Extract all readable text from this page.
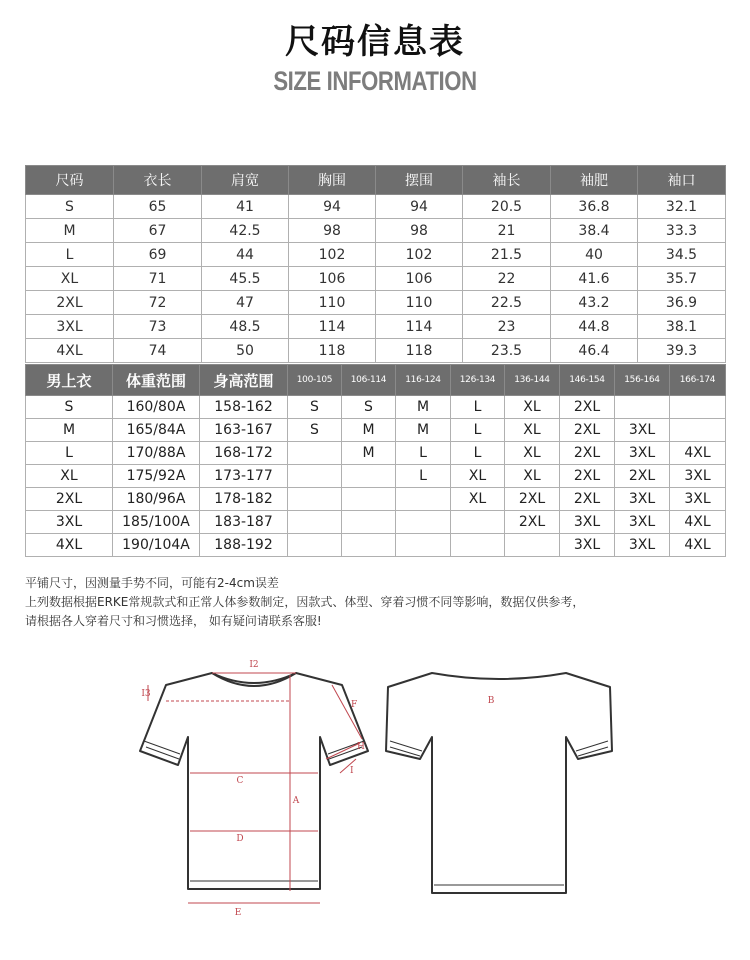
尺码信息表
SIZE INFORMATION
尺码	衣长	肩宽	胸围	摆围	袖长	袖肥	袖口
S	65	41	94	94	20.5	36.8	32.1
M	67	42.5	98	98	21	38.4	33.3
L	69	44	102	102	21.5	40	34.5
XL	71	45.5	106	106	22	41.6	35.7
2XL	72	47	110	110	22.5	43.2	36.9
3XL	73	48.5	114	114	23	44.8	38.1
4XL	74	50	118	118	23.5	46.4	39.3
男上衣	体重范围	身高范围	100-105	106-114	116-124	126-134	136-144	146-154	156-164	166-174
S	160/80A	158-162	S	S	M	L	XL	2XL		
M	165/84A	163-167	S	M	M	L	XL	2XL	3XL	
L	170/88A	168-172		M	L	L	XL	2XL	3XL	4XL
XL	175/92A	173-177			L	XL	XL	2XL	2XL	3XL
2XL	180/96A	178-182				XL	2XL	2XL	3XL	3XL
3XL	185/100A	183-187					2XL	3XL	3XL	4XL
4XL	190/104A	188-192						3XL	3XL	4XL
平铺尺寸，因测量手势不同，可能有2-4cm误差
上列数据根据ERKE常规款式和正常人体参数制定，因款式、体型、穿着习惯不同等影响，数据仅供参考，
请根据各人穿着尺寸和习惯选择， 如有疑问请联系客服!
I2
I3
F
H
I
C
A
D
E
B
